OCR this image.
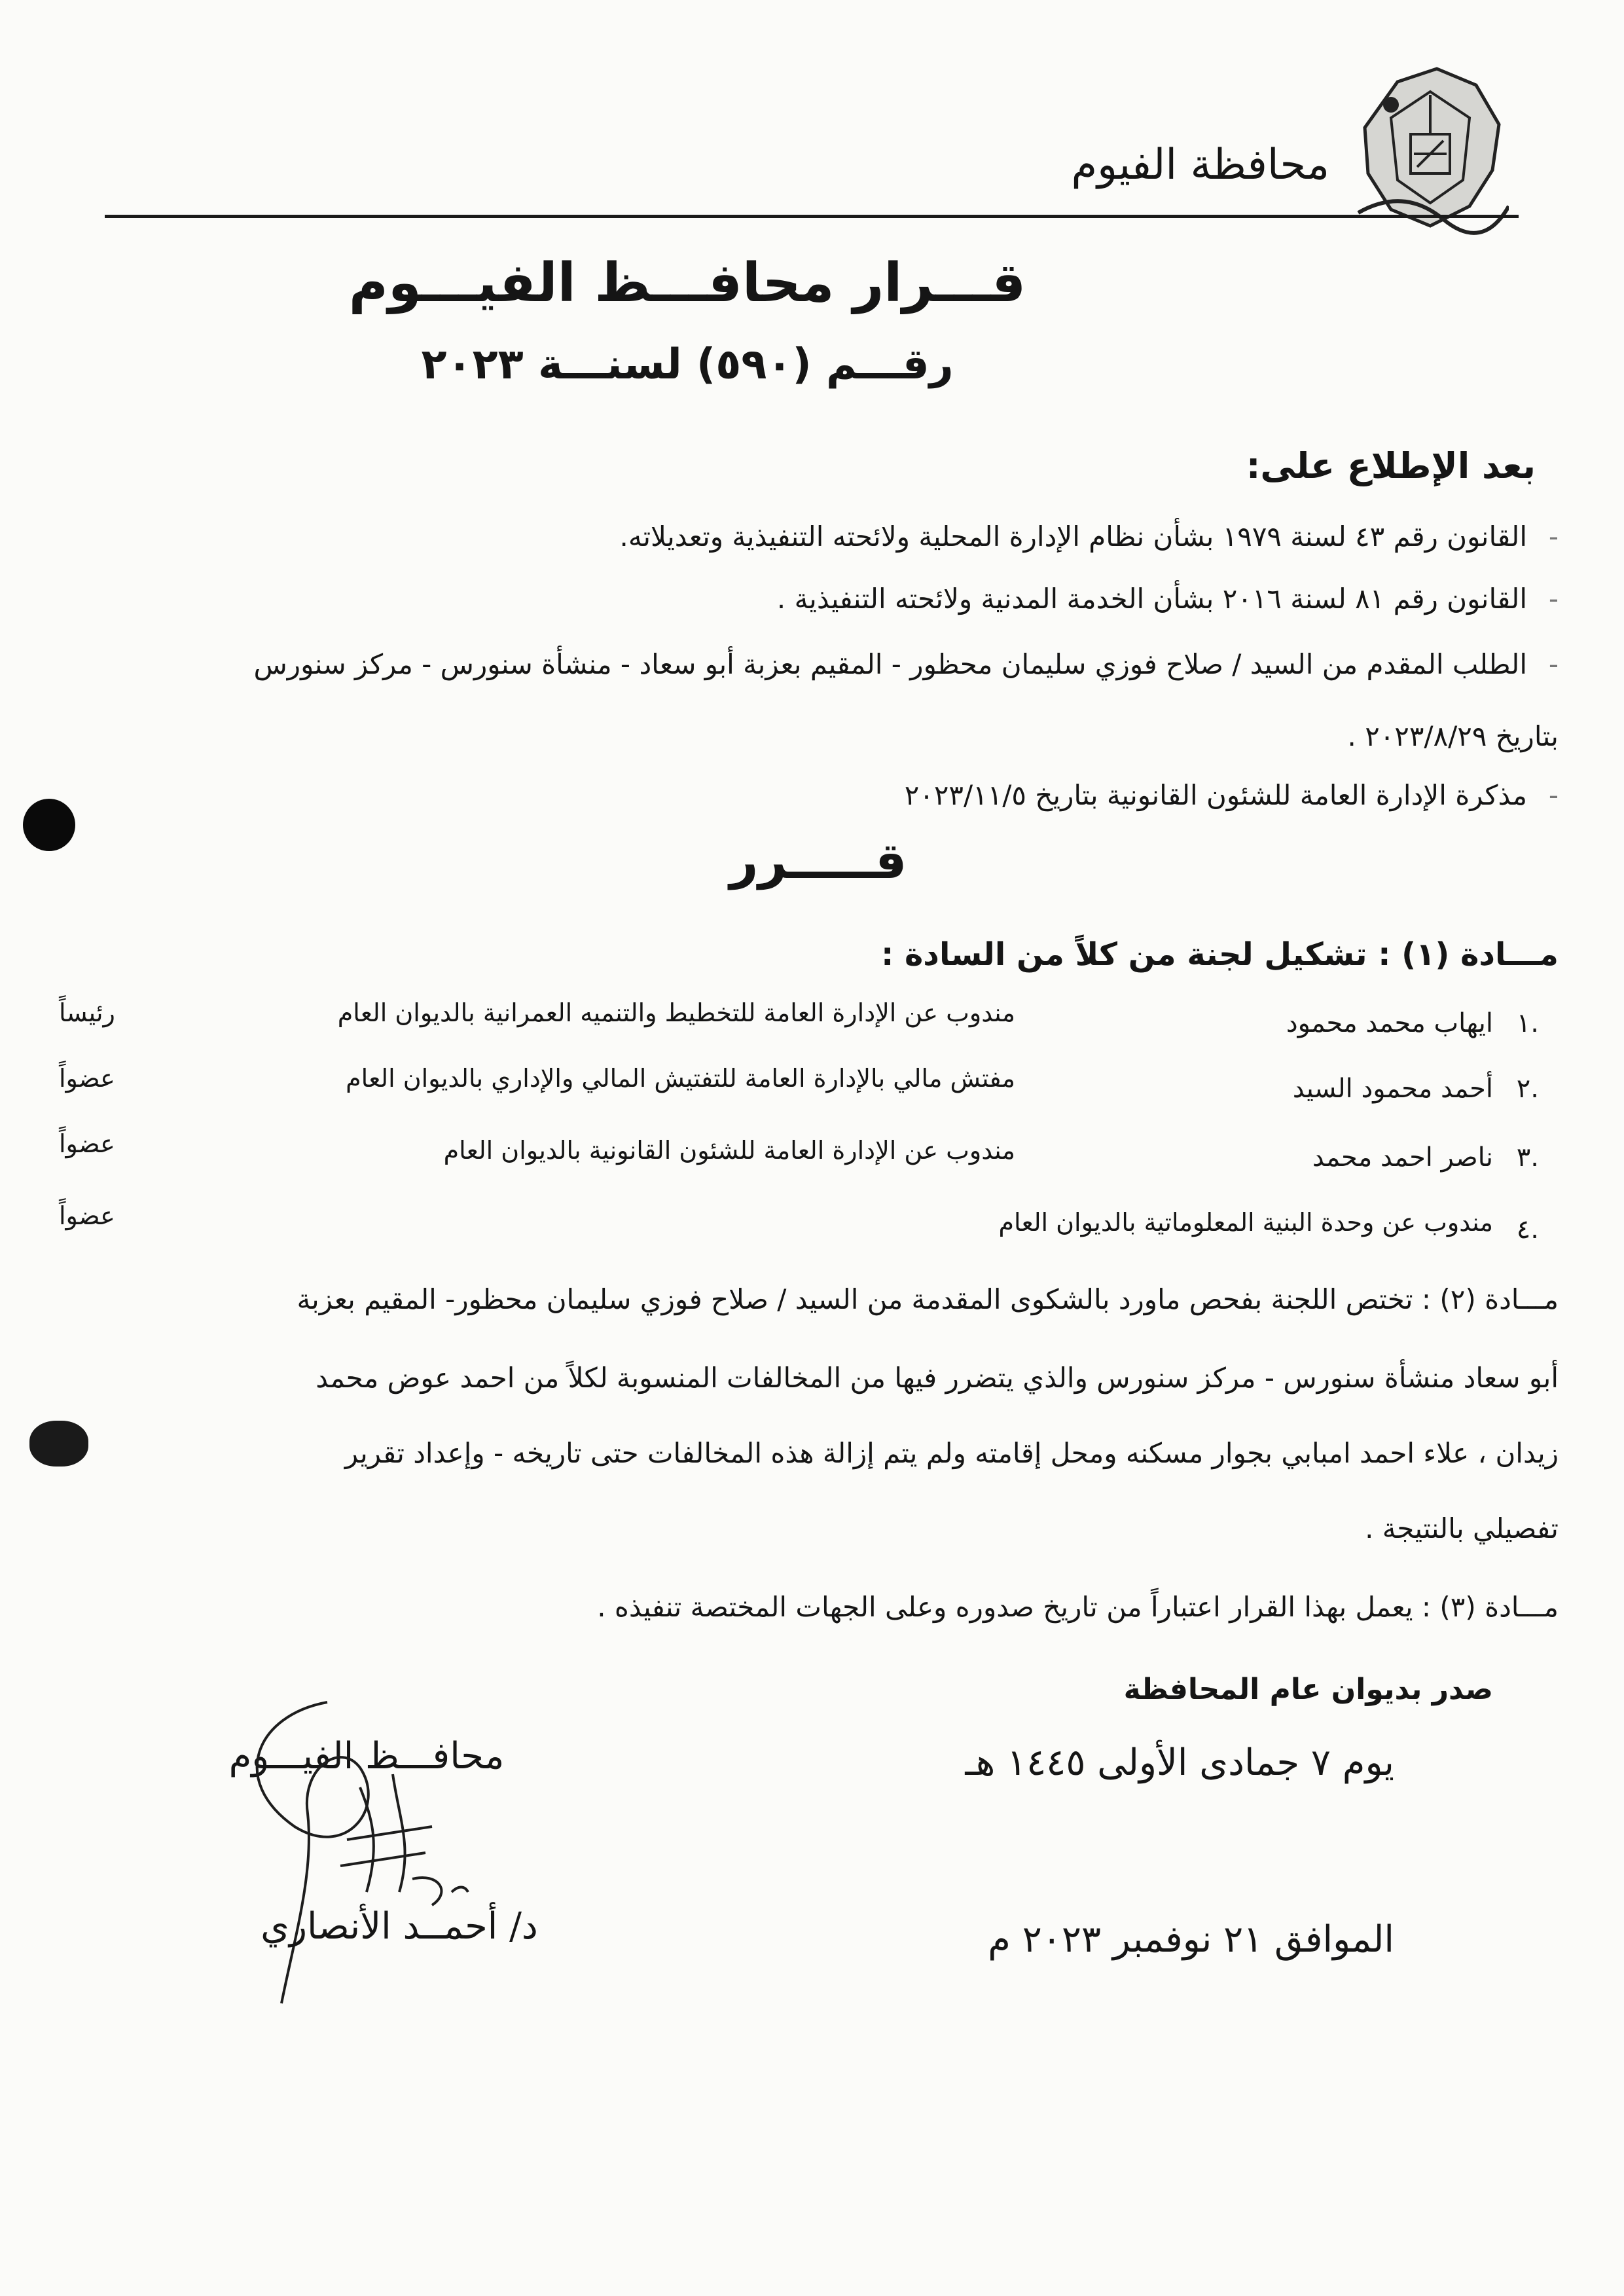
محافظة الفيوم
قـــرار محافـــظ الفيـــوم
رقـــم (٥٩٠) لسنـــة ٢٠٢٣
بعد الإطلاع على:
-القانون رقم ٤٣ لسنة ١٩٧٩ بشأن نظام الإدارة المحلية ولائحته التنفيذية وتعديلاته.
-القانون رقم ٨١ لسنة ٢٠١٦ بشأن الخدمة المدنية ولائحته التنفيذية .
-الطلب المقدم من السيد / صلاح فوزي سليمان محظور - المقيم بعزبة أبو سعاد - منشأة سنورس - مركز سنورس
بتاريخ ٢٠٢٣/٨/٢٩ .
-مذكرة الإدارة العامة للشئون القانونية بتاريخ ٢٠٢٣/١١/٥
قـــــرر
مـــادة (١) : تشكيل لجنة من كلاً من السادة :
١.
ايهاب محمد محمود
مندوب عن الإدارة العامة للتخطيط والتنميه العمرانية بالديوان العام
رئيساً
٢.
أحمد محمود السيد
مفتش مالي بالإدارة العامة للتفتيش المالي والإداري بالديوان العام
عضواً
٣.
ناصر احمد محمد
مندوب عن الإدارة العامة للشئون القانونية بالديوان العام
عضواً
٤.
مندوب عن وحدة البنية المعلوماتية بالديوان العام
عضواً
مـــادة (٢) : تختص اللجنة بفحص ماورد بالشكوى المقدمة من السيد / صلاح فوزي سليمان محظور- المقيم بعزبة
أبو سعاد منشأة سنورس - مركز سنورس والذي يتضرر فيها من المخالفات المنسوبة لكلاً من احمد عوض محمد
زيدان ، علاء احمد امبابي بجوار مسكنه ومحل إقامته ولم يتم إزالة هذه المخالفات حتى تاريخه - وإعداد تقرير
تفصيلي بالنتيجة .
مـــادة (٣) : يعمل بهذا القرار اعتباراً من تاريخ صدوره وعلى الجهات المختصة تنفيذه .
صدر بديوان عام المحافظة
يوم ٧ جمادى الأولى ١٤٤٥ هـ
الموافق ٢١ نوفمبر ٢٠٢٣ م
محافـــظ الفيـــوم
د/ أحمــد الأنصاري
